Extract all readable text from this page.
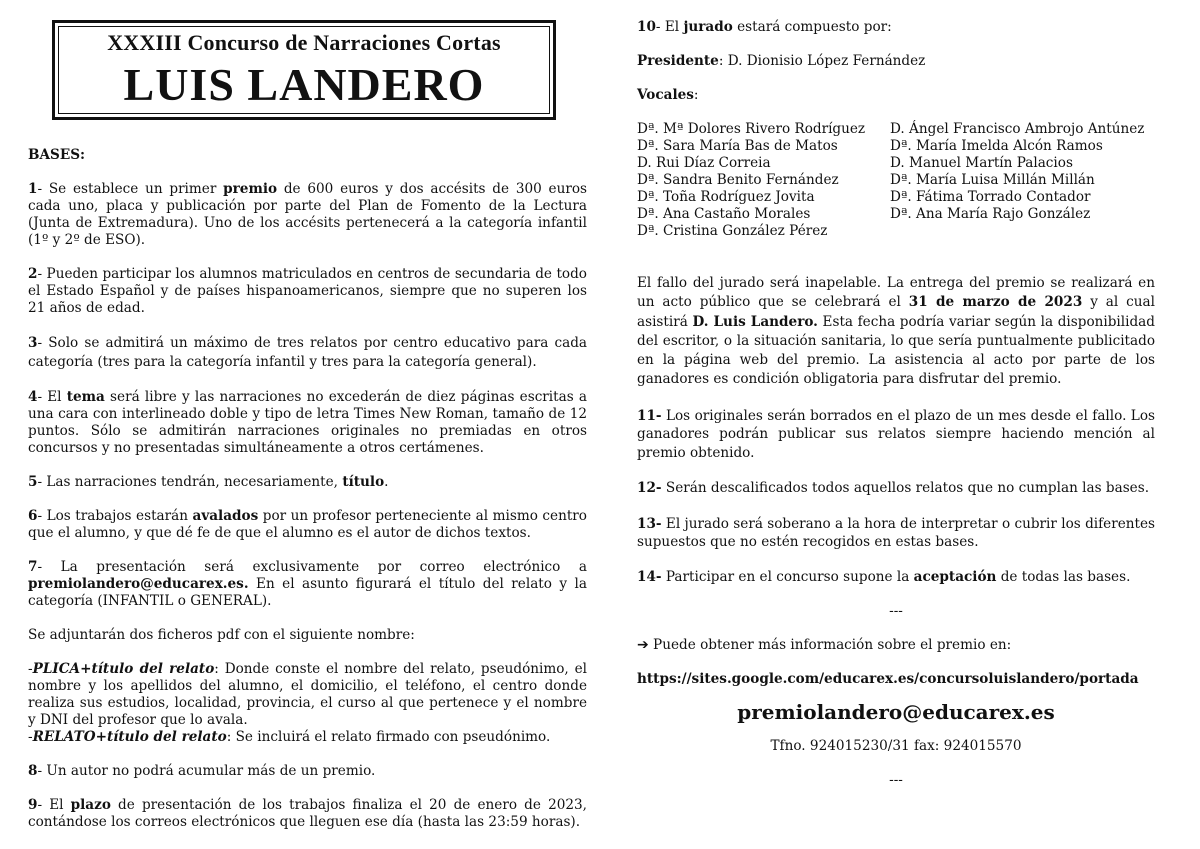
XXXIII Concurso de Narraciones Cortas
LUIS LANDERO

BASES:

1- Se establece un primer premio de 600 euros y dos accésits de 300 euros cada uno, placa y publicación por parte del Plan de Fomento de la Lectura (Junta de Extremadura). Uno de los accésits pertenecerá a la categoría infantil (1º y 2º de ESO).

2- Pueden participar los alumnos matriculados en centros de secundaria de todo el Estado Español y de países hispanoamericanos, siempre que no superen los 21 años de edad.

3- Solo se admitirá un máximo de tres relatos por centro educativo para cada categoría (tres para la categoría infantil y tres para la categoría general).

4- El tema será libre y las narraciones no excederán de diez páginas escritas a una cara con interlineado doble y tipo de letra Times New Roman, tamaño de 12 puntos. Sólo se admitirán narraciones originales no premiadas en otros concursos y no presentadas simultáneamente a otros certámenes.

5- Las narraciones tendrán, necesariamente, título.

6- Los trabajos estarán avalados por un profesor perteneciente al mismo centro que el alumno, y que dé fe de que el alumno es el autor de dichos textos.

7- La presentación será exclusivamente por correo electrónico a premiolandero@educarex.es. En el asunto figurará el título del relato y la categoría (INFANTIL o GENERAL).

Se adjuntarán dos ficheros pdf con el siguiente nombre:

-PLICA+título del relato: Donde conste el nombre del relato, pseudónimo, el nombre y los apellidos del alumno, el domicilio, el teléfono, el centro donde realiza sus estudios, localidad, provincia, el curso al que pertenece y el nombre y DNI del profesor que lo avala.

-RELATO+título del relato: Se incluirá el relato firmado con pseudónimo.

8- Un autor no podrá acumular más de un premio.

9- El plazo de presentación de los trabajos finaliza el 20 de enero de 2023, contándose los correos electrónicos que lleguen ese día (hasta las 23:59 horas).

10- El jurado estará compuesto por:

Presidente: D. Dionisio López Fernández

Vocales:

Dª. Mª Dolores Rivero Rodríguez
Dª. Sara María Bas de Matos
D. Rui Díaz Correia
Dª. Sandra Benito Fernández
Dª. Toña Rodríguez Jovita
Dª. Ana Castaño Morales
Dª. Cristina González Pérez
D. Ángel Francisco Ambrojo Antúnez
Dª. María Imelda Alcón Ramos
D. Manuel Martín Palacios
Dª. María Luisa Millán Millán
Dª. Fátima Torrado Contador
Dª. Ana María Rajo González

El fallo del jurado será inapelable. La entrega del premio se realizará en un acto público que se celebrará el 31 de marzo de 2023 y al cual asistirá D. Luis Landero. Esta fecha podría variar según la disponibilidad del escritor, o la situación sanitaria, lo que sería puntualmente publicitado en la página web del premio. La asistencia al acto por parte de los ganadores es condición obligatoria para disfrutar del premio.

11- Los originales serán borrados en el plazo de un mes desde el fallo. Los ganadores podrán publicar sus relatos siempre haciendo mención al premio obtenido.

12- Serán descalificados todos aquellos relatos que no cumplan las bases.

13- El jurado será soberano a la hora de interpretar o cubrir los diferentes supuestos que no estén recogidos en estas bases.

14- Participar en el concurso supone la aceptación de todas las bases.

---

➔ Puede obtener más información sobre el premio en:

https://sites.google.com/educarex.es/concursoluislandero/portada

premiolandero@educarex.es

Tfno. 924015230/31 fax: 924015570

---
